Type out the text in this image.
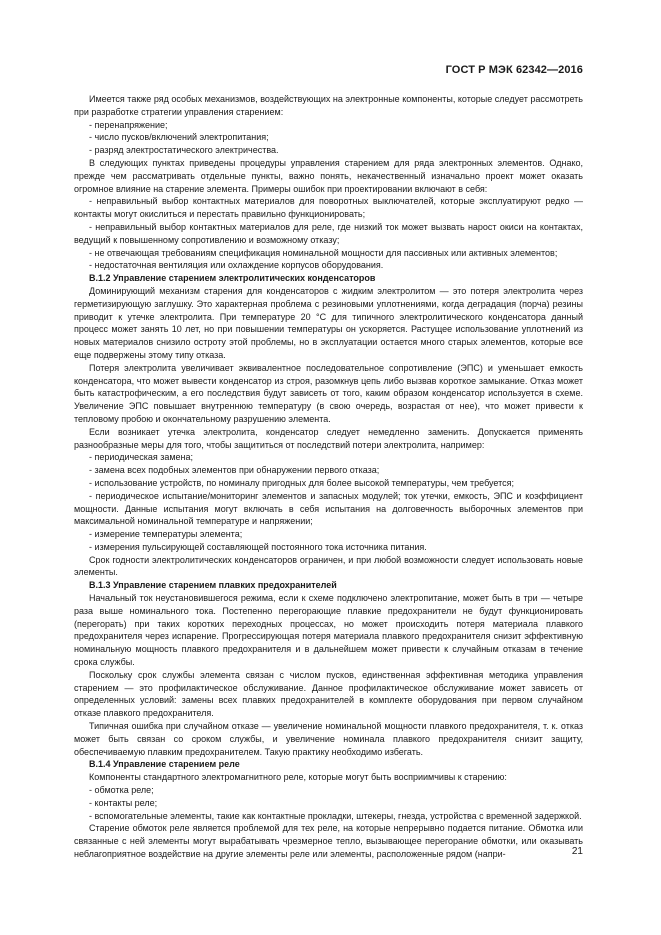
ГОСТ Р МЭК 62342—2016

Имеется также ряд особых механизмов, воздействующих на электронные компоненты, которые следует рассмотреть при разработке стратегии управления старением:

- перенапряжение;

- число пусков/включений электропитания;

- разряд электростатического электричества.

В следующих пунктах приведены процедуры управления старением для ряда электронных элементов. Однако, прежде чем рассматривать отдельные пункты, важно понять, некачественный изначально проект может оказать огромное влияние на старение элемента. Примеры ошибок при проектировании включают в себя:

- неправильный выбор контактных материалов для поворотных выключателей, которые эксплуатируют редко — контакты могут окислиться и перестать правильно функционировать;

- неправильный выбор контактных материалов для реле, где низкий ток может вызвать нарост окиси на контактах, ведущий к повышенному сопротивлению и возможному отказу;

- не отвечающая требованиям спецификация номинальной мощности для пассивных или активных элементов;

- недостаточная вентиляция или охлаждение корпусов оборудования.

В.1.2 Управление старением электролитических конденсаторов

Доминирующий механизм старения для конденсаторов с жидким электролитом — это потеря электролита через герметизирующую заглушку. Это характерная проблема с резиновыми уплотнениями, когда деградация (порча) резины приводит к утечке электролита. При температуре 20 °С для типичного электролитического конденсатора данный процесс может занять 10 лет, но при повышении температуры он ускоряется. Растущее использование уплотнений из новых материалов снизило остроту этой проблемы, но в эксплуатации остается много старых элементов, которые все еще подвержены этому типу отказа.

Потеря электролита увеличивает эквивалентное последовательное сопротивление (ЭПС) и уменьшает емкость конденсатора, что может вывести конденсатор из строя, разомкнув цепь либо вызвав короткое замыкание. Отказ может быть катастрофическим, а его последствия будут зависеть от того, каким образом конденсатор используется в схеме. Увеличение ЭПС повышает внутреннюю температуру (в свою очередь, возрастая от нее), что может привести к тепловому пробою и окончательному разрушению элемента.

Если возникает утечка электролита, конденсатор следует немедленно заменить. Допускается применять разнообразные меры для того, чтобы защититься от последствий потери электролита, например:

- периодическая замена;

- замена всех подобных элементов при обнаружении первого отказа;

- использование устройств, по номиналу пригодных для более высокой температуры, чем требуется;

- периодическое испытание/мониторинг элементов и запасных модулей; ток утечки, емкость, ЭПС и коэффициент мощности. Данные испытания могут включать в себя испытания на долговечность выборочных элементов при максимальной номинальной температуре и напряжении;

- измерение температуры элемента;

- измерения пульсирующей составляющей постоянного тока источника питания.

Срок годности электролитических конденсаторов ограничен, и при любой возможности следует использовать новые элементы.

В.1.3 Управление старением плавких предохранителей

Начальный ток неустановившегося режима, если к схеме подключено электропитание, может быть в три — четыре раза выше номинального тока. Постепенно перегорающие плавкие предохранители не будут функционировать (перегорать) при таких коротких переходных процессах, но может происходить потеря материала плавкого предохранителя через испарение. Прогрессирующая потеря материала плавкого предохранителя снизит эффективную номинальную мощность плавкого предохранителя и в дальнейшем может привести к случайным отказам в течение срока службы.

Поскольку срок службы элемента связан с числом пусков, единственная эффективная методика управления старением — это профилактическое обслуживание. Данное профилактическое обслуживание может зависеть от определенных условий: замены всех плавких предохранителей в комплекте оборудования при первом случайном отказе плавкого предохранителя.

Типичная ошибка при случайном отказе — увеличение номинальной мощности плавкого предохранителя, т. к. отказ может быть связан со сроком службы, и увеличение номинала плавкого предохранителя снизит защиту, обеспечиваемую плавким предохранителем. Такую практику необходимо избегать.

В.1.4 Управление старением реле

Компоненты стандартного электромагнитного реле, которые могут быть восприимчивы к старению:

- обмотка реле;

- контакты реле;

- вспомогательные элементы, такие как контактные прокладки, штекеры, гнезда, устройства с временной задержкой.

Старение обмоток реле является проблемой для тех реле, на которые непрерывно подается питание. Обмотка или связанные с ней элементы могут вырабатывать чрезмерное тепло, вызывающее перегорание обмотки, или оказывать неблагоприятное воздействие на другие элементы реле или элементы, расположенные рядом (напри-	21
